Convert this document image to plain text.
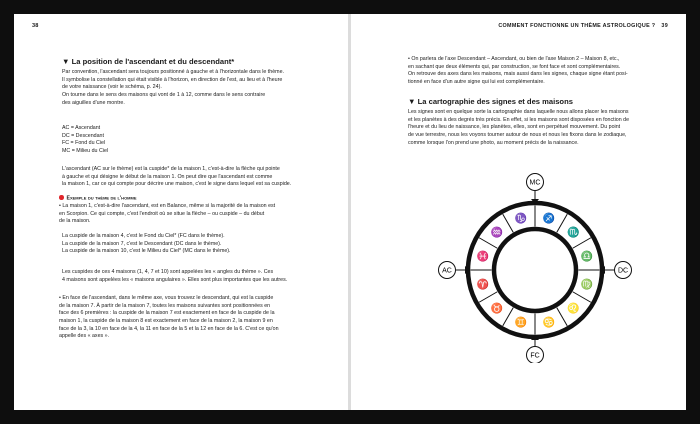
38
▼ La position de l'ascendant et du descendant*
Par convention, l'ascendant sera toujours positionné à gauche et à l'horizontale dans le thème.
Il symbolise la constellation qui était visible à l'horizon, en direction de l'est, au lieu et à l'heure
de votre naissance (voir le schéma, p. 24).
On tourne dans le sens des maisons qui vont de 1 à 12, comme dans le sens contraire
des aiguilles d'une montre.
AC = Ascendant
DC = Descendant
FC = Fond du Ciel
MC = Milieu du Ciel
L'ascendant (AC sur le thème) est la cuspide* de la maison 1, c'est-à-dire la flèche qui pointe
à gauche et qui désigne le début de la maison 1. On peut dire que l'ascendant est comme
la maison 1, car ce qui compte pour décrire une maison, c'est le signe dans lequel est sa cuspide.
Exemple du thème de l'homme
• La maison 1, c'est-à-dire l'ascendant, est en Balance, même si la majorité de la maison est
en Scorpion. Ce qui compte, c'est l'endroit où se situe la flèche – ou cuspide – du début
de la maison.
La cuspide de la maison 4, c'est le Fond du Ciel* (FC dans le thème).
La cuspide de la maison 7, c'est le Descendant (DC dans le thème).
La cuspide de la maison 10, c'est le Milieu du Ciel* (MC dans le thème).
Les cuspides de ces 4 maisons (1, 4, 7 et 10) sont appelées les « angles du thème ». Ces
4 maisons sont appelées les « maisons angulaires ». Elles sont plus importantes que les autres.
• En face de l'ascendant, dans le même axe, vous trouvez le descendant, qui est la cuspide
de la maison 7. À partir de la maison 7, toutes les maisons suivantes sont positionnées en
face des 6 premières : la cuspide de la maison 7 est exactement en face de la cuspide de la
maison 1, la cuspide de la maison 8 est exactement en face de la maison 2, la maison 9 en
face de la 3, la 10 en face de la 4, la 11 en face de la 5 et la 12 en face de la 6. C'est ce qu'on
appelle des « axes ».
COMMENT FONCTIONNE UN THÈME ASTROLOGIQUE ? 39
• On parlera de l'axe Descendant – Ascendant, ou bien de l'axe Maison 2 – Maison 8, etc.,
en sachant que deux éléments qui, par construction, se font face et sont complémentaires.
On retrouve des axes dans les maisons, mais aussi dans les signes, chaque signe étant posi-
tionné en face d'un autre signe qui lui est complémentaire.
▼ La cartographie des signes et des maisons
Les signes sont en quelque sorte la cartographie dans laquelle nous allons placer les maisons
et les planètes à des degrés très précis. En effet, si les maisons sont disposées en fonction de
l'heure et du lieu de naissance, les planètes, elles, sont en perpétuel mouvement. Du point
de vue terrestre, nous les voyons tourner autour de nous et nous les fixons dans le zodiaque,
comme lorsque l'on prend une photo, au moment précis de la naissance.
♈
♉
♊ ♋
♌
♍
♎
♏
♐
♑
♒
♓
MC
FC
AC	DC
